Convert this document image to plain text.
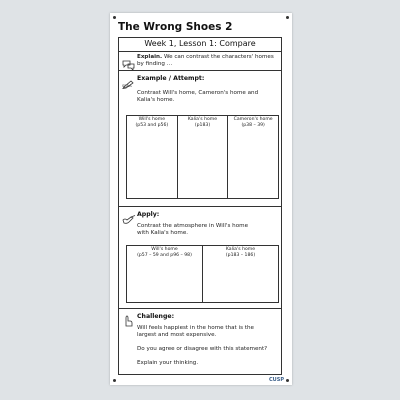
The Wrong Shoes 2
Week 1, Lesson 1: Compare
Explain. We can contrast the characters' homes by finding …
SRAA
Example / Attempt:
Contrast Will's home, Cameron's home and Kalia's home.
Will's home
(p53 and p56)

Kalia's home
(p183)

Cameron's home
(p38 – 39)
Apply:
Contrast the atmosphere in Will's home with Kalia's home.
Will's home
(p57 – 59 and p96 – 98)

Kalia's home
(p183 – 186)
Challenge:
Will feels happiest in the home that is the largest and most expensive.
Do you agree or disagree with this statement?
Explain your thinking.
CUSP
